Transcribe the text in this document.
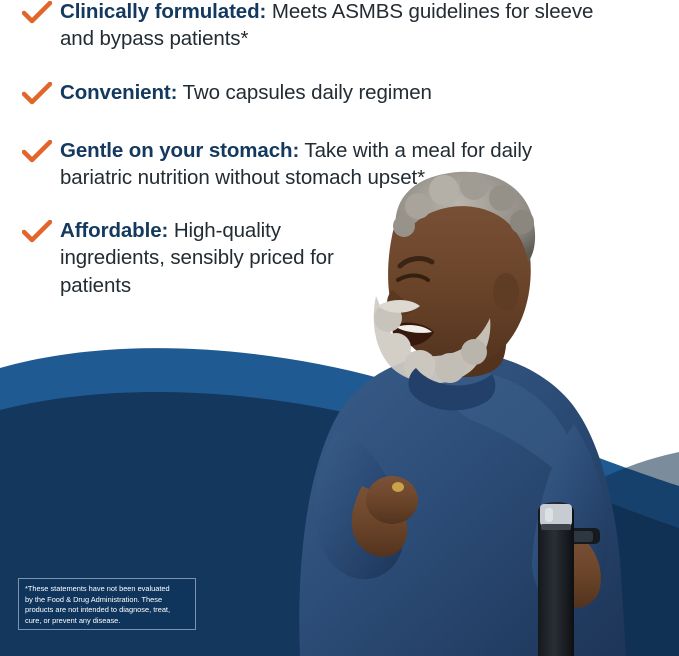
Clinically formulated: Meets ASMBS guidelines for sleeve and bypass patients*
Convenient: Two capsules daily regimen
Gentle on your stomach: Take with a meal for daily bariatric nutrition without stomach upset*
Affordable: High-quality ingredients, sensibly priced for patients

*These statements have not been evaluated

by the Food & Drug Administration. These

products are not intended to diagnose, treat,

cure, or prevent any disease.
